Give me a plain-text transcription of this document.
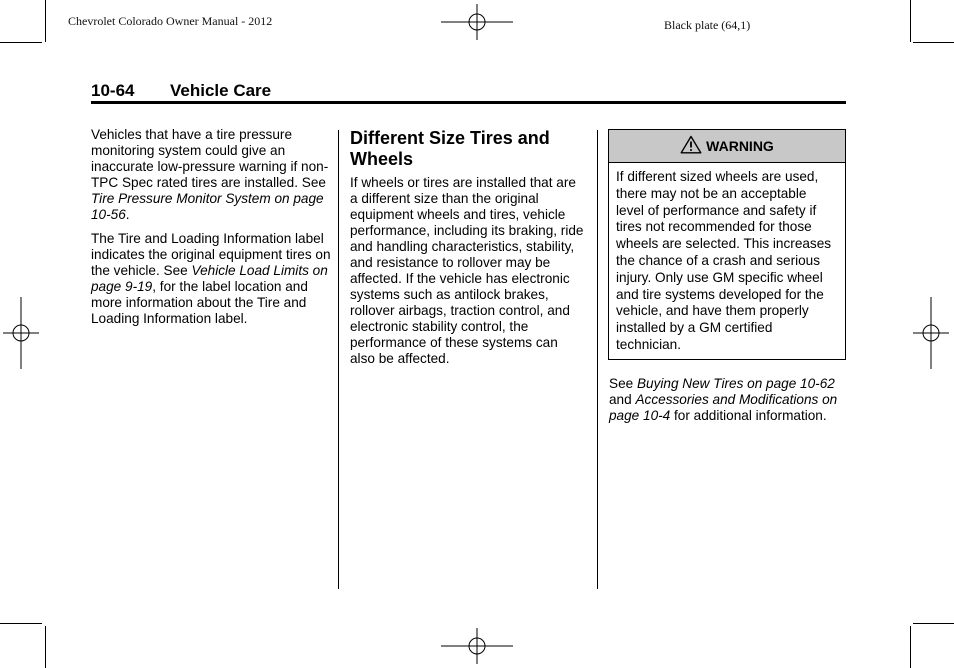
Chevrolet Colorado Owner Manual - 2012	Black plate (64,1)
10-64 Vehicle Care

Vehicles that have a tire pressure monitoring system could give an inaccurate low-pressure warning if non-TPC Spec rated tires are installed. See Tire Pressure Monitor System on page 10-56.

The Tire and Loading Information label indicates the original equipment tires on the vehicle. See Vehicle Load Limits on page 9-19, for the label location and more information about the Tire and Loading Information label.

Different Size Tires and Wheels

If wheels or tires are installed that are a different size than the original equipment wheels and tires, vehicle performance, including its braking, ride and handling characteristics, stability, and resistance to rollover may be affected. If the vehicle has electronic systems such as antilock brakes, rollover airbags, traction control, and electronic stability control, the performance of these systems can also be affected.

WARNING
If different sized wheels are used, there may not be an acceptable level of performance and safety if tires not recommended for those wheels are selected. This increases the chance of a crash and serious injury. Only use GM specific wheel and tire systems developed for the vehicle, and have them properly installed by a GM certified technician.

See Buying New Tires on page 10-62 and Accessories and Modifications on page 10-4 for additional information.
